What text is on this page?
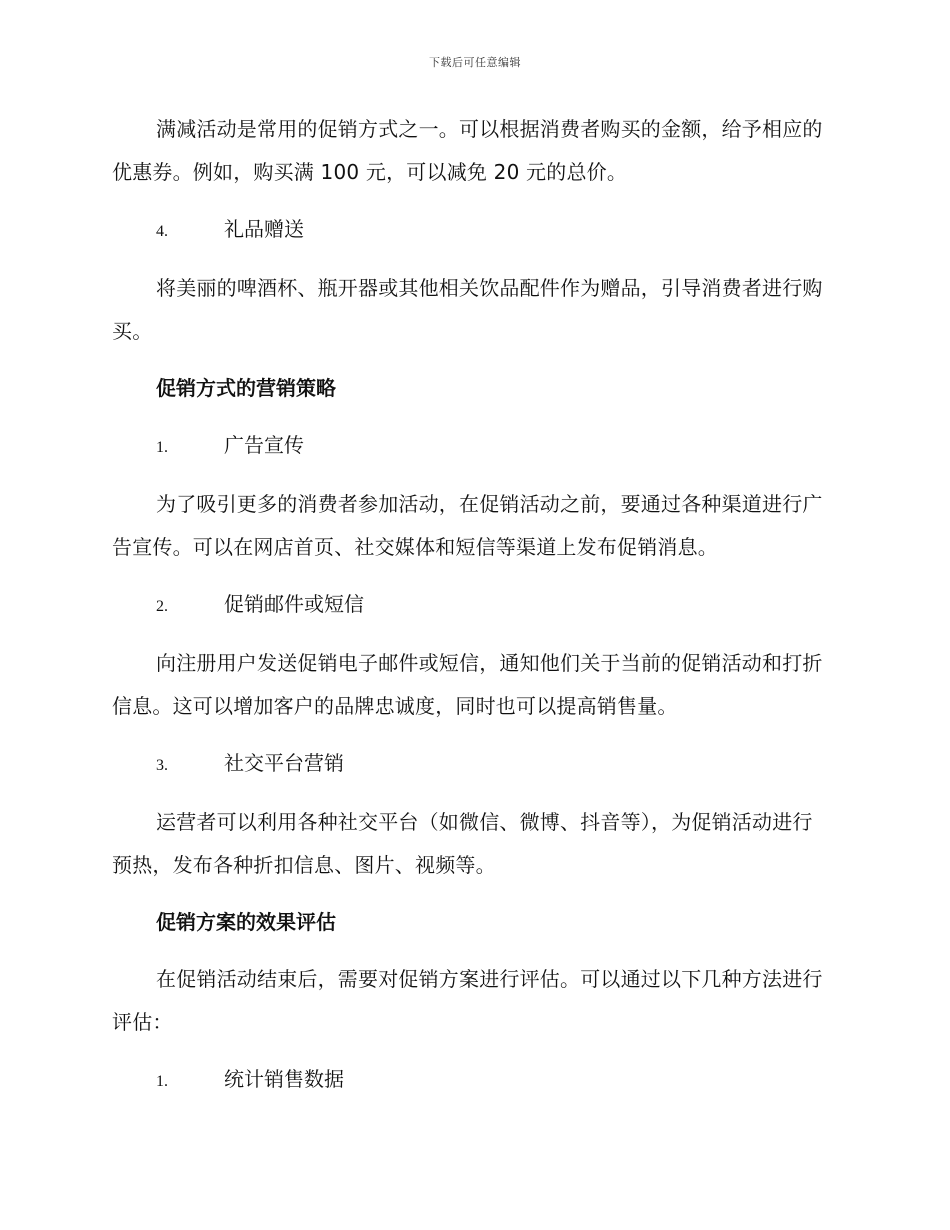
下载后可任意编辑

满减活动是常用的促销方式之一。可以根据消费者购买的金额，给予相应的优惠券。例如，购买满 100 元，可以减免 20 元的总价。

4.	礼品赠送

将美丽的啤酒杯、瓶开器或其他相关饮品配件作为赠品，引导消费者进行购买。

促销方式的营销策略
1.	广告宣传

为了吸引更多的消费者参加活动，在促销活动之前，要通过各种渠道进行广告宣传。可以在网店首页、社交媒体和短信等渠道上发布促销消息。

2.	促销邮件或短信

向注册用户发送促销电子邮件或短信，通知他们关于当前的促销活动和打折信息。这可以增加客户的品牌忠诚度，同时也可以提高销售量。

3.	社交平台营销

运营者可以利用各种社交平台（如微信、微博、抖音等），为促销活动进行预热，发布各种折扣信息、图片、视频等。

促销方案的效果评估

在促销活动结束后，需要对促销方案进行评估。可以通过以下几种方法进行评估：

1.	统计销售数据
